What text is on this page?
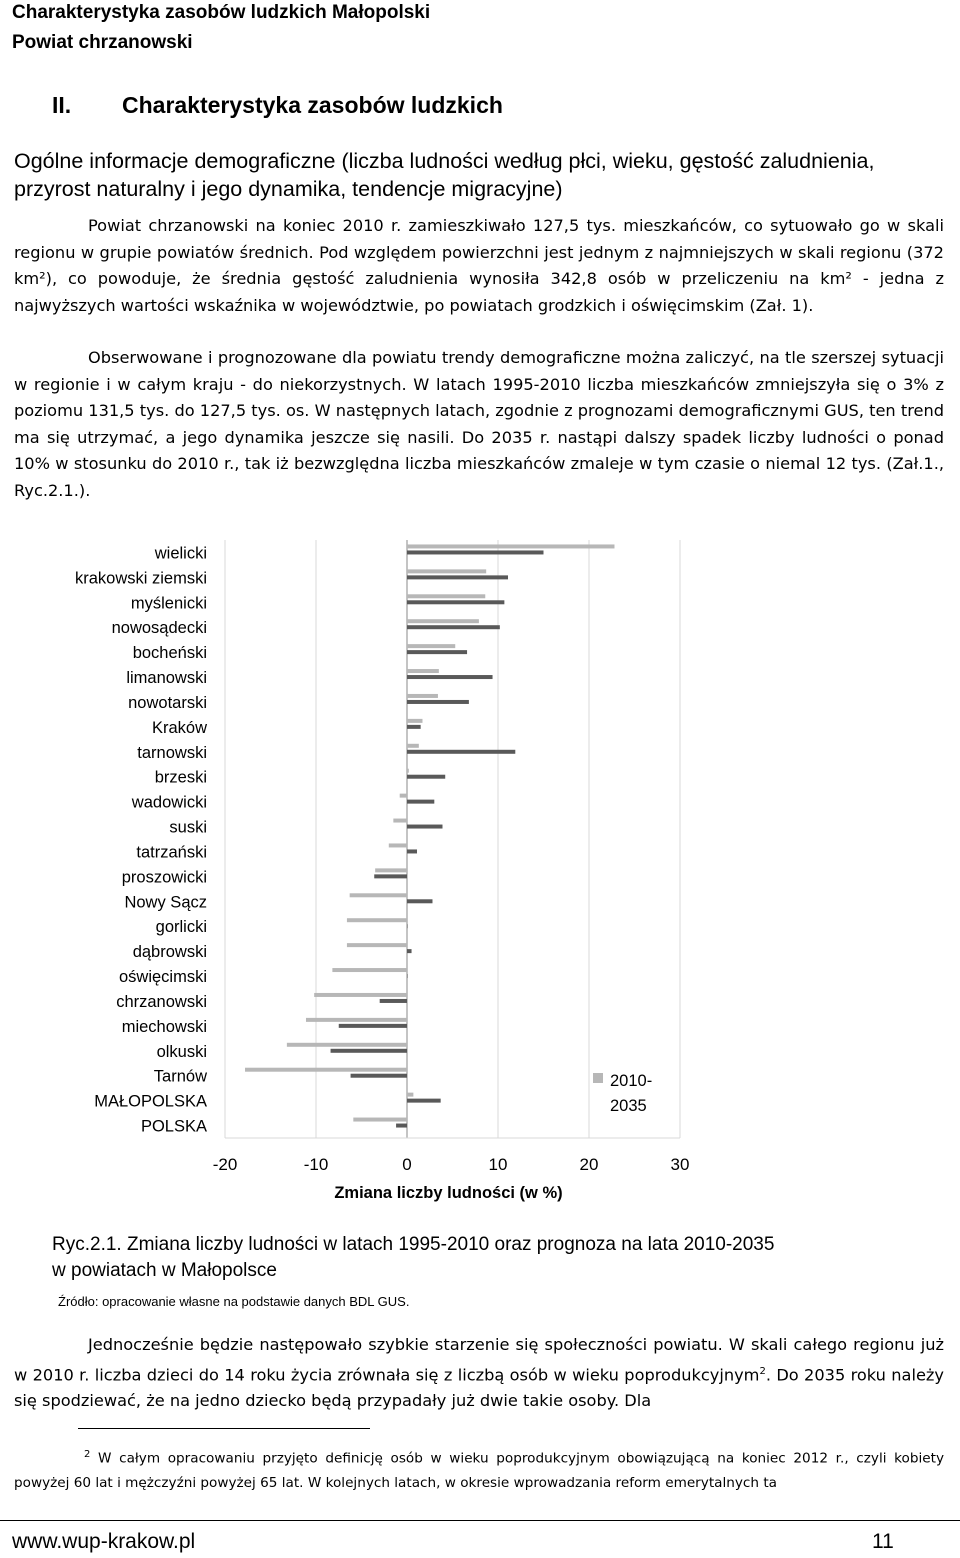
Charakterystyka zasobów ludzkich Małopolski
Powiat chrzanowski
II. Charakterystyka zasobów ludzkich
Ogólne informacje demograficzne (liczba ludności według płci, wieku, gęstość zaludnienia, przyrost naturalny i jego dynamika, tendencje migracyjne)

Powiat chrzanowski na koniec 2010 r. zamieszkiwało 127,5 tys. mieszkańców, co sytuowało go w skali regionu w grupie powiatów średnich. Pod względem powierzchni jest jednym z najmniejszych w skali regionu (372 km²), co powoduje, że średnia gęstość zaludnienia wynosiła 342,8 osób w przeliczeniu na km² - jedna z najwyższych wartości wskaźnika w województwie, po powiatach grodzkich i oświęcimskim (Zał. 1).

Obserwowane i prognozowane dla powiatu trendy demograficzne można zaliczyć, na tle szerszej sytuacji w regionie i w całym kraju - do niekorzystnych. W latach 1995-2010 liczba mieszkańców zmniejszyła się o 3% z poziomu 131,5 tys. do 127,5 tys. os. W następnych latach, zgodnie z prognozami demograficznymi GUS, ten trend ma się utrzymać, a jego dynamika jeszcze się nasili. Do 2035 r. nastąpi dalszy spadek liczby ludności o ponad 10% w stosunku do 2010 r., tak iż bezwzględna liczba mieszkańców zmaleje w tym czasie o niemal 12 tys. (Zał.1., Ryc.2.1.).

-20	-10	0	10	20	30
wielicki
krakowski ziemski
myślenicki
nowosądecki
bocheński
limanowski
nowotarski
Kraków
tarnowski
brzeski
wadowicki
suski
tatrzański
proszowicki
Nowy Sącz
gorlicki
dąbrowski
oświęcimski
chrzanowski
miechowski
olkuski
Tarnów
MAŁOPOLSKA
POLSKA
Zmiana liczby ludności (w %)
2010-
2035
Ryc.2.1. Zmiana liczby ludności w latach 1995-2010 oraz prognoza na lata 2010-2035
w powiatach w Małopolsce
Źródło: opracowanie własne na podstawie danych BDL GUS.

Jednocześnie będzie następowało szybkie starzenie się społeczności powiatu. W skali całego regionu już w 2010 r. liczba dzieci do 14 roku życia zrównała się z liczbą osób w wieku poprodukcyjnym$^2$. Do 2035 roku należy się spodziewać, że na jedno dziecko będą przypadały już dwie takie osoby. Dla

$^2$ W całym opracowaniu przyjęto definicję osób w wieku poprodukcyjnym obowiązującą na koniec 2012 r., czyli kobiety powyżej 60 lat i mężczyźni powyżej 65 lat. W kolejnych latach, w okresie wprowadzania reform emerytalnych ta
www.wup-krakow.pl	11
